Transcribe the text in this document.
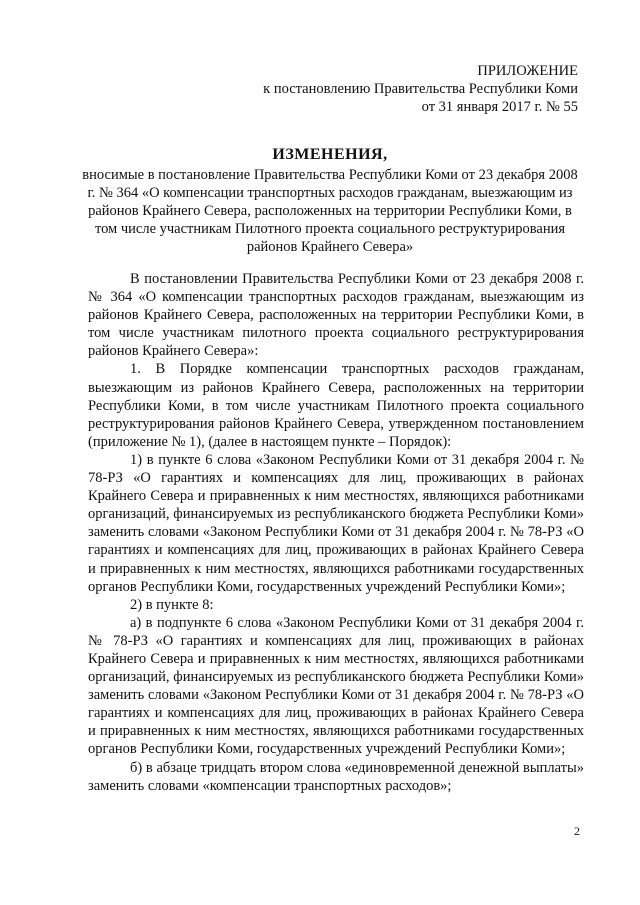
ПРИЛОЖЕНИЕ
к постановлению Правительства Республики Коми
от 31 января 2017 г. № 55
ИЗМЕНЕНИЯ,
вносимые в постановление Правительства Республики Коми от 23 декабря 2008 г. № 364 «О компенсации транспортных расходов гражданам, выезжающим из районов Крайнего Севера, расположенных на территории Республики Коми, в том числе участникам Пилотного проекта социального реструктурирования районов Крайнего Севера»

В постановлении Правительства Республики Коми от 23 декабря 2008 г. № 364 «О компенсации транспортных расходов гражданам, выезжающим из районов Крайнего Севера, расположенных на территории Республики Коми, в том числе участникам пилотного проекта социального реструктурирования районов Крайнего Севера»:

1. В Порядке компенсации транспортных расходов гражданам, выезжающим из районов Крайнего Севера, расположенных на территории Республики Коми, в том числе участникам Пилотного проекта социального реструктурирования районов Крайнего Севера, утвержденном постановлением (приложение № 1), (далее в настоящем пункте – Порядок):

1) в пункте 6 слова «Законом Республики Коми от 31 декабря 2004 г. № 78-РЗ «О гарантиях и компенсациях для лиц, проживающих в районах Крайнего Севера и приравненных к ним местностях, являющихся работниками организаций, финансируемых из республиканского бюджета Республики Коми» заменить словами «Законом Республики Коми от 31 декабря 2004 г. № 78-РЗ «О гарантиях и компенсациях для лиц, проживающих в районах Крайнего Севера и приравненных к ним местностях, являющихся работниками государственных органов Республики Коми, государственных учреждений Республики Коми»;

2) в пункте 8:

а) в подпункте 6 слова «Законом Республики Коми от 31 декабря 2004 г. № 78-РЗ «О гарантиях и компенсациях для лиц, проживающих в районах Крайнего Севера и приравненных к ним местностях, являющихся работниками организаций, финансируемых из республиканского бюджета Республики Коми» заменить словами «Законом Республики Коми от 31 декабря 2004 г. № 78-РЗ «О гарантиях и компенсациях для лиц, проживающих в районах Крайнего Севера и приравненных к ним местностях, являющихся работниками государственных органов Республики Коми, государственных учреждений Республики Коми»;

б) в абзаце тридцать втором слова «единовременной денежной выплаты» заменить словами «компенсации транспортных расходов»;

2
